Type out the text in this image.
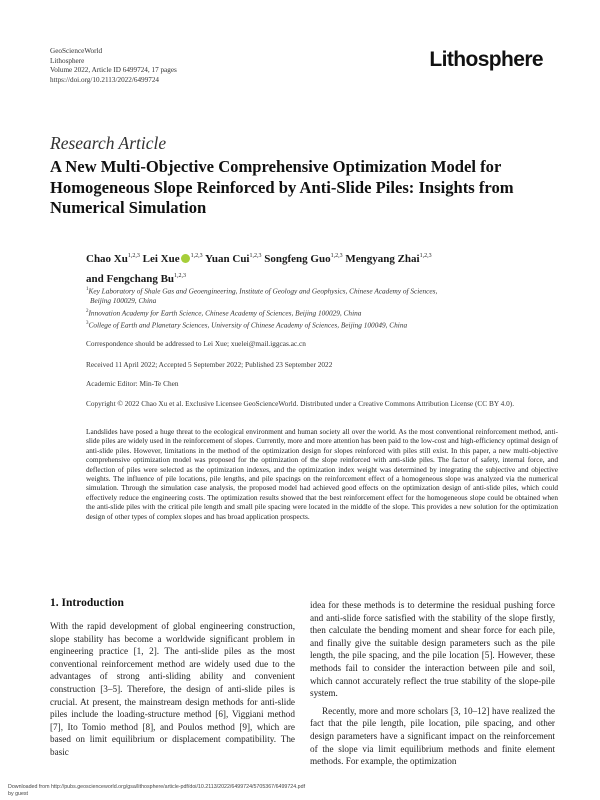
GeoScienceWorld
Lithosphere
Volume 2022, Article ID 6499724, 17 pages
https://doi.org/10.2113/2022/6499724
Lithosphere
Research Article
A New Multi-Objective Comprehensive Optimization Model for Homogeneous Slope Reinforced by Anti-Slide Piles: Insights from Numerical Simulation
Chao Xu$^{1,2,3}$ Lei Xue $^{1,2,3}$ Yuan Cui$^{1,2,3}$ Songfeng Guo$^{1,2,3}$ Mengyang Zhai$^{1,2,3}$
and Fengchang Bu$^{1,2,3}$
$^1$Key Laboratory of Shale Gas and Geoengineering, Institute of Geology and Geophysics, Chinese Academy of Sciences,
Beijing 100029, China
$^2$Innovation Academy for Earth Science, Chinese Academy of Sciences, Beijing 100029, China
$^3$College of Earth and Planetary Sciences, University of Chinese Academy of Sciences, Beijing 100049, China
Correspondence should be addressed to Lei Xue; xuelei@mail.iggcas.ac.cn
Received 11 April 2022; Accepted 5 September 2022; Published 23 September 2022
Academic Editor: Min-Te Chen
Copyright © 2022 Chao Xu et al. Exclusive Licensee GeoScienceWorld. Distributed under a Creative Commons Attribution License (CC BY 4.0).
Landslides have posed a huge threat to the ecological environment and human society all over the world. As the most conventional reinforcement method, anti-slide piles are widely used in the reinforcement of slopes. Currently, more and more attention has been paid to the low-cost and high-efficiency optimal design of anti-slide piles. However, limitations in the method of the optimization design for slopes reinforced with piles still exist. In this paper, a new multi-objective comprehensive optimization model was proposed for the optimization of the slope reinforced with anti-slide piles. The factor of safety, internal force, and deflection of piles were selected as the optimization indexes, and the optimization index weight was determined by integrating the subjective and objective weights. The influence of pile locations, pile lengths, and pile spacings on the reinforcement effect of a homogeneous slope was analyzed via the numerical simulation. Through the simulation case analysis, the proposed model had achieved good effects on the optimization design of anti-slide piles, which could effectively reduce the engineering costs. The optimization results showed that the best reinforcement effect for the homogeneous slope could be obtained when the anti-slide piles with the critical pile length and small pile spacing were located in the middle of the slope. This provides a new solution for the optimization design of other types of complex slopes and has broad application prospects.
1. Introduction

With the rapid development of global engineering construction, slope stability has become a worldwide significant problem in engineering practice [1, 2]. The anti-slide piles as the most conventional reinforcement method are widely used due to the advantages of strong anti-sliding ability and convenient construction [3–5]. Therefore, the design of anti-slide piles is crucial. At present, the mainstream design methods for anti-slide piles include the loading-structure method [6], Viggiani method [7], Ito Tomio method [8], and Poulos method [9], which are based on limit equilibrium or displacement compatibility. The basic

idea for these methods is to determine the residual pushing force and anti-slide force satisfied with the stability of the slope firstly, then calculate the bending moment and shear force for each pile, and finally give the suitable design parameters such as the pile length, the pile spacing, and the pile location [5]. However, these methods fail to consider the interaction between pile and soil, which cannot accurately reflect the true stability of the slope-pile system.

Recently, more and more scholars [3, 10–12] have realized the fact that the pile length, pile location, pile spacing, and other design parameters have a significant impact on the reinforcement of the slope via limit equilibrium methods and finite element methods. For example, the optimization

Downloaded from http://pubs.geoscienceworld.org/gsa/lithosphere/article-pdf/doi/10.2113/2022/6499724/5705367/6499724.pdf
by guest
